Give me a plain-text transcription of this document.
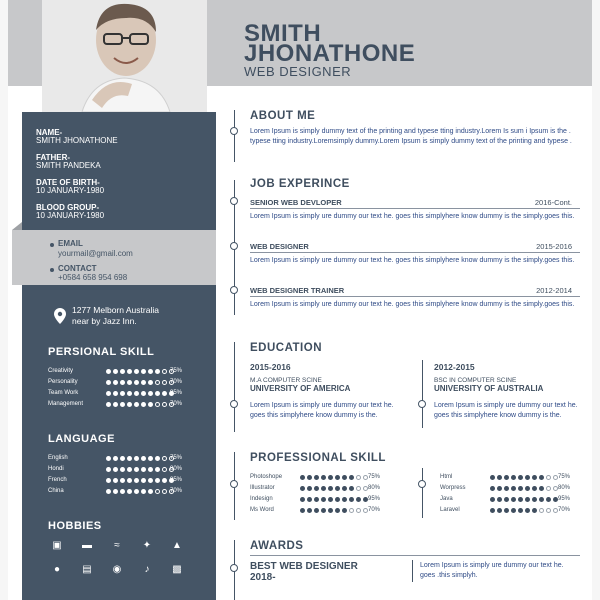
SMITH
JHONATHONE
WEB DESIGNER
NAME-
SMITH JHONATHONE
FATHER-
SMITH PANDEKA
DATE OF BIRTH-
10 JANUARY-1980
BLOOD GROUP-
10 JANUARY-1980
EMAIL
yourmail@gmail.com
CONTACT
+0584 658 954 698
1277 Melborn Australia
near by Jazz Inn.
PERSIONAL SKILL
Creativity	75%
Personality	70%
Team Work	95%
Management	70%
LANGUAGE
English	75%
Hondi	80%
French	95%
China	70%
HOBBIES
▣ ▬	≈	✦ ▲
●	▤ ◉	♪	▩
ABOUT ME
Lorem Ipsum is simply dummy text of the printing and typese tting industry.Lorem Is sum i Ipsum is the . typese tting industry.Loremsimply dummy.Lorem Ipsum is simply dummy text of the printing and typese .
JOB EXPERINCE
SENIOR WEB DEVLOPER	2016-Cont.
Lorem Ipsum is simply ure dummy our text he. goes this simplyhere know dummy is the simply.goes this.
WEB DESIGNER	2015-2016
Lorem Ipsum is simply ure dummy our text he. goes this simplyhere know dummy is the simply.goes this.
WEB DESIGNER TRAINER	2012-2014
Lorem Ipsum is simply ure dummy our text he. goes this simplyhere know dummy is the simply.goes this.
EDUCATION
2015-2016
M.A COMPUTER SCINE
UNIVERSITY OF AMERICA
Lorem Ipsum is simply ure dummy our text he. goes this simplyhere know dummy is the.
2012-2015
BSC IN COMPUTER SCINE
UNIVERSITY OF AUSTRALIA
Lorem Ipsum is simply ure dummy our text he. goes this simplyhere know dummy is the.
PROFESSIONAL SKILL
Photoshope	75%
Illustrator	80%
Indesign	95%
Ms Word	70%
Html	75%
Worpress	80%
Java	95%
Laravel	70%
AWARDS
BEST WEB DESIGNER
2018-
Lorem Ipsum is simply ure dummy our text he. goes .this simplyh.
